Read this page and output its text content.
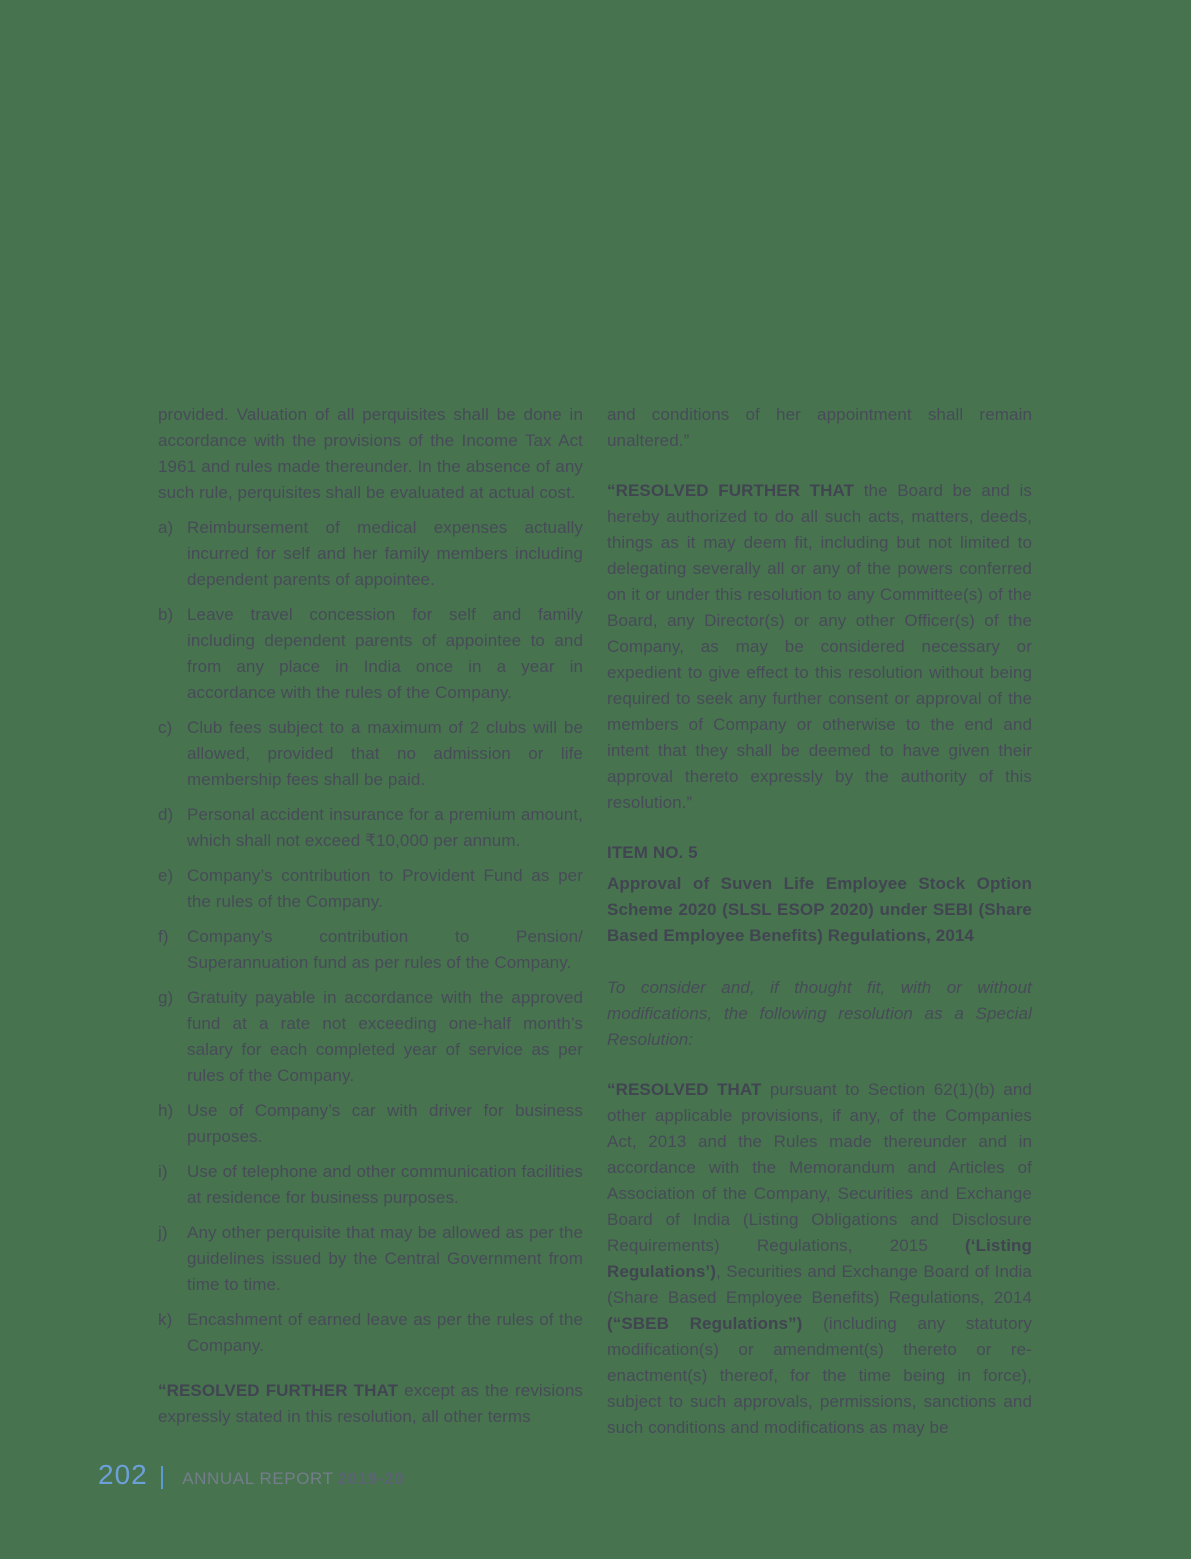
provided. Valuation of all perquisites shall be done in accordance with the provisions of the Income Tax Act 1961 and rules made thereunder. In the absence of any such rule, perquisites shall be evaluated at actual cost.

a) Reimbursement of medical expenses actually incurred for self and her family members including dependent parents of appointee.
b) Leave travel concession for self and family including dependent parents of appointee to and from any place in India once in a year in accordance with the rules of the Company.
c) Club fees subject to a maximum of 2 clubs will be allowed, provided that no admission or life membership fees shall be paid.
d) Personal accident insurance for a premium amount, which shall not exceed ₹10,000 per annum.
e) Company’s contribution to Provident Fund as per the rules of the Company.
f)	Company’s contribution to Pension/ Superannuation fund as per rules of the Company.
g) Gratuity payable in accordance with the approved fund at a rate not exceeding one-half month’s salary for each completed year of service as per rules of the Company.
h) Use of Company’s car with driver for business purposes.
i)	Use of telephone and other communication facilities at residence for business purposes.
j)	Any other perquisite that may be allowed as per the guidelines issued by the Central Government from time to time.
k) Encashment of earned leave as per the rules of the Company.

“RESOLVED FURTHER THAT except as the revisions expressly stated in this resolution, all other terms

and conditions of her appointment shall remain unaltered.”

“RESOLVED FURTHER THAT the Board be and is hereby authorized to do all such acts, matters, deeds, things as it may deem fit, including but not limited to delegating severally all or any of the powers conferred on it or under this resolution to any Committee(s) of the Board, any Director(s) or any other Officer(s) of the Company, as may be considered necessary or expedient to give effect to this resolution without being required to seek any further consent or approval of the members of Company or otherwise to the end and intent that they shall be deemed to have given their approval thereto expressly by the authority of this resolution.”

ITEM NO. 5

Approval of Suven Life Employee Stock Option Scheme 2020 (SLSL ESOP 2020) under SEBI (Share Based Employee Benefits) Regulations, 2014

To consider and, if thought fit, with or without modifications, the following resolution as a Special Resolution:

“RESOLVED THAT pursuant to Section 62(1)(b) and other applicable provisions, if any, of the Companies Act, 2013 and the Rules made thereunder and in accordance with the Memorandum and Articles of Association of the Company, Securities and Exchange Board of India (Listing Obligations and Disclosure Requirements) Regulations, 2015 (‘Listing Regulations’), Securities and Exchange Board of India (Share Based Employee Benefits) Regulations, 2014 (“SBEB Regulations”) (including any statutory modification(s) or amendment(s) thereto or re-enactment(s) thereof, for the time being in force), subject to such approvals, permissions, sanctions and such conditions and modifications as may be

202 | ANNUAL REPORT 2019-20
